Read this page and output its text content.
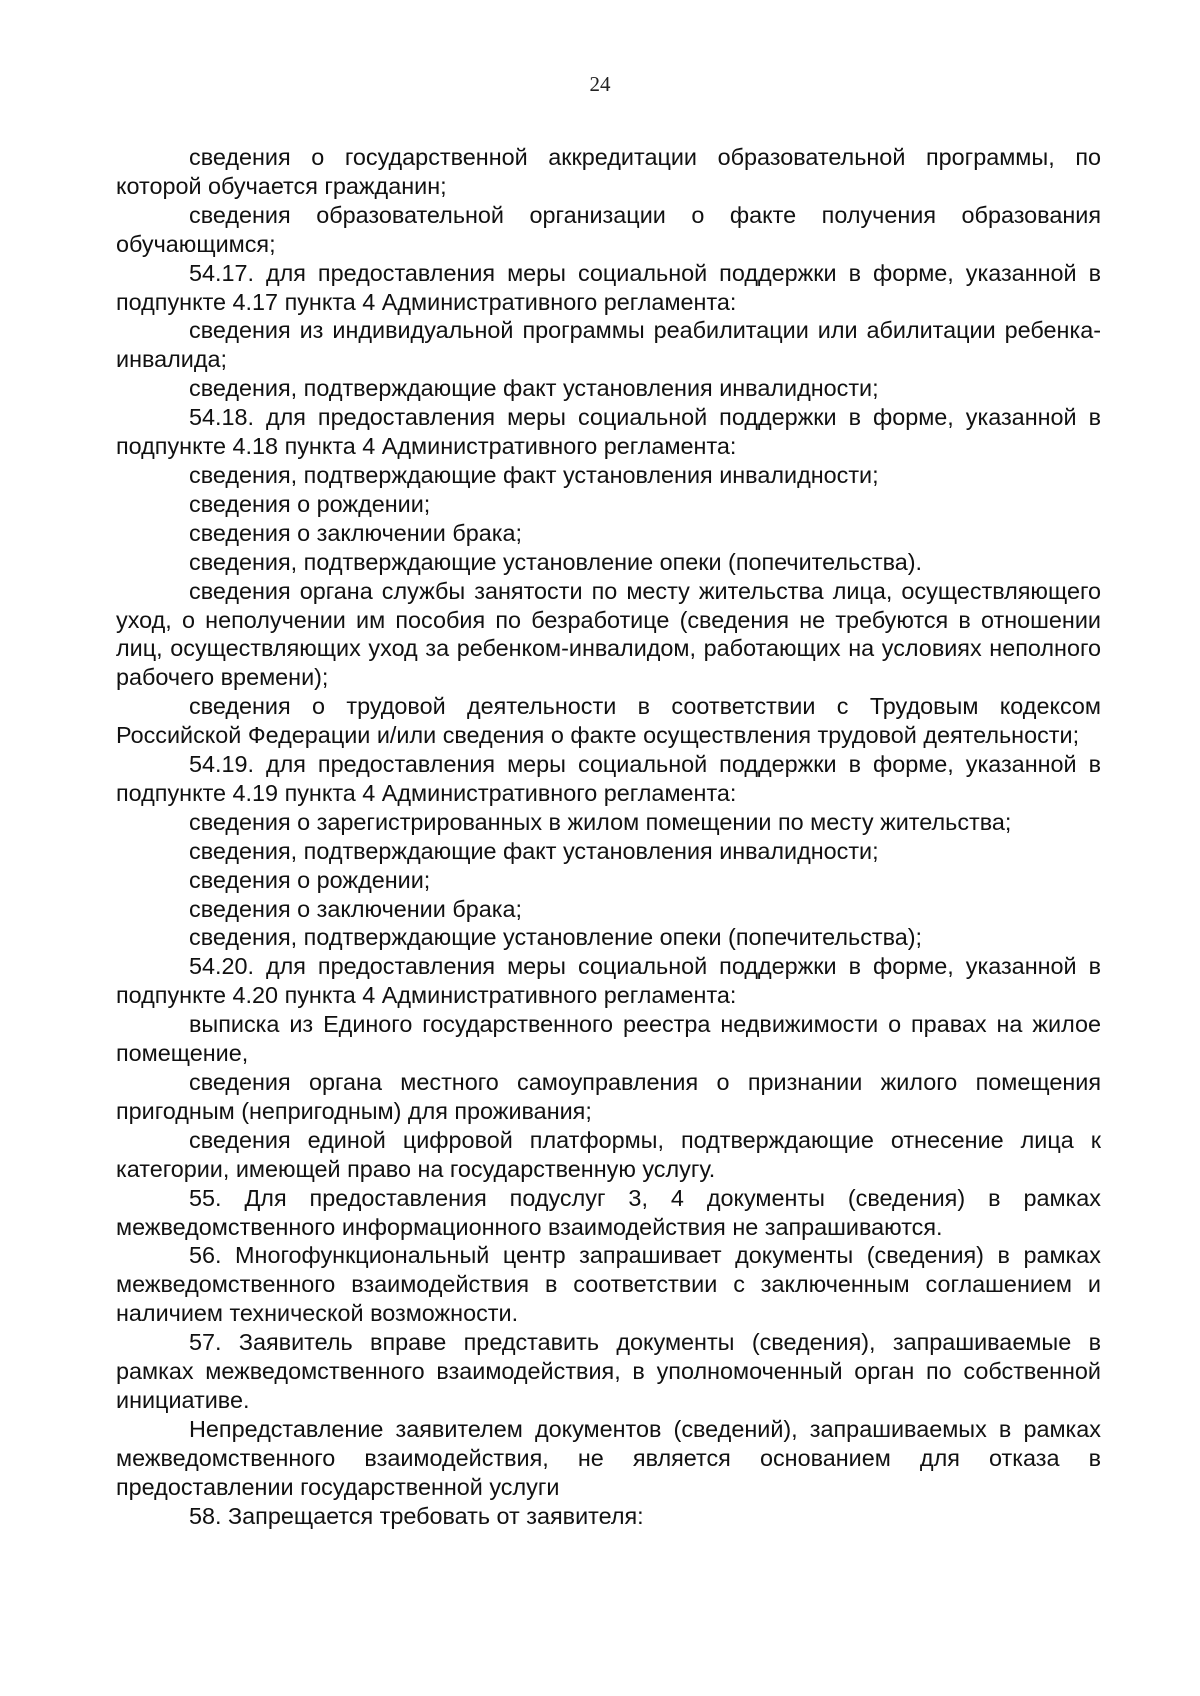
24

сведения о государственной аккредитации образовательной программы, по которой обучается гражданин;

сведения образовательной организации о факте получения образования обучающимся;

54.17. для предоставления меры социальной поддержки в форме, указанной в подпункте 4.17 пункта 4 Административного регламента:

сведения из индивидуальной программы реабилитации или абилитации ребенка-инвалида;

сведения, подтверждающие факт установления инвалидности;

54.18. для предоставления меры социальной поддержки в форме, указанной в подпункте 4.18 пункта 4 Административного регламента:

сведения, подтверждающие факт установления инвалидности;

сведения о рождении;

сведения о заключении брака;

сведения, подтверждающие установление опеки (попечительства).

сведения органа службы занятости по месту жительства лица, осуществляющего уход, о неполучении им пособия по безработице (сведения не требуются в отношении лиц, осуществляющих уход за ребенком-инвалидом, работающих на условиях неполного рабочего времени);

сведения о трудовой деятельности в соответствии с Трудовым кодексом Российской Федерации и/или сведения о факте осуществления трудовой деятельности;

54.19. для предоставления меры социальной поддержки в форме, указанной в подпункте 4.19 пункта 4 Административного регламента:

сведения о зарегистрированных в жилом помещении по месту жительства;

сведения, подтверждающие факт установления инвалидности;

сведения о рождении;

сведения о заключении брака;

сведения, подтверждающие установление опеки (попечительства);

54.20. для предоставления меры социальной поддержки в форме, указанной в подпункте 4.20 пункта 4 Административного регламента:

выписка из Единого государственного реестра недвижимости о правах на жилое помещение,

сведения органа местного самоуправления о признании жилого помещения пригодным (непригодным) для проживания;

сведения единой цифровой платформы, подтверждающие отнесение лица к категории, имеющей право на государственную услугу.

55. Для предоставления подуслуг 3, 4 документы (сведения) в рамках межведомственного информационного взаимодействия не запрашиваются.

56. Многофункциональный центр запрашивает документы (сведения) в рамках межведомственного взаимодействия в соответствии с заключенным соглашением и наличием технической возможности.

57. Заявитель вправе представить документы (сведения), запрашиваемые в рамках межведомственного взаимодействия, в уполномоченный орган по собственной инициативе.

Непредставление заявителем документов (сведений), запрашиваемых в рамках межведомственного взаимодействия, не является основанием для отказа в предоставлении государственной услуги

58. Запрещается требовать от заявителя:
